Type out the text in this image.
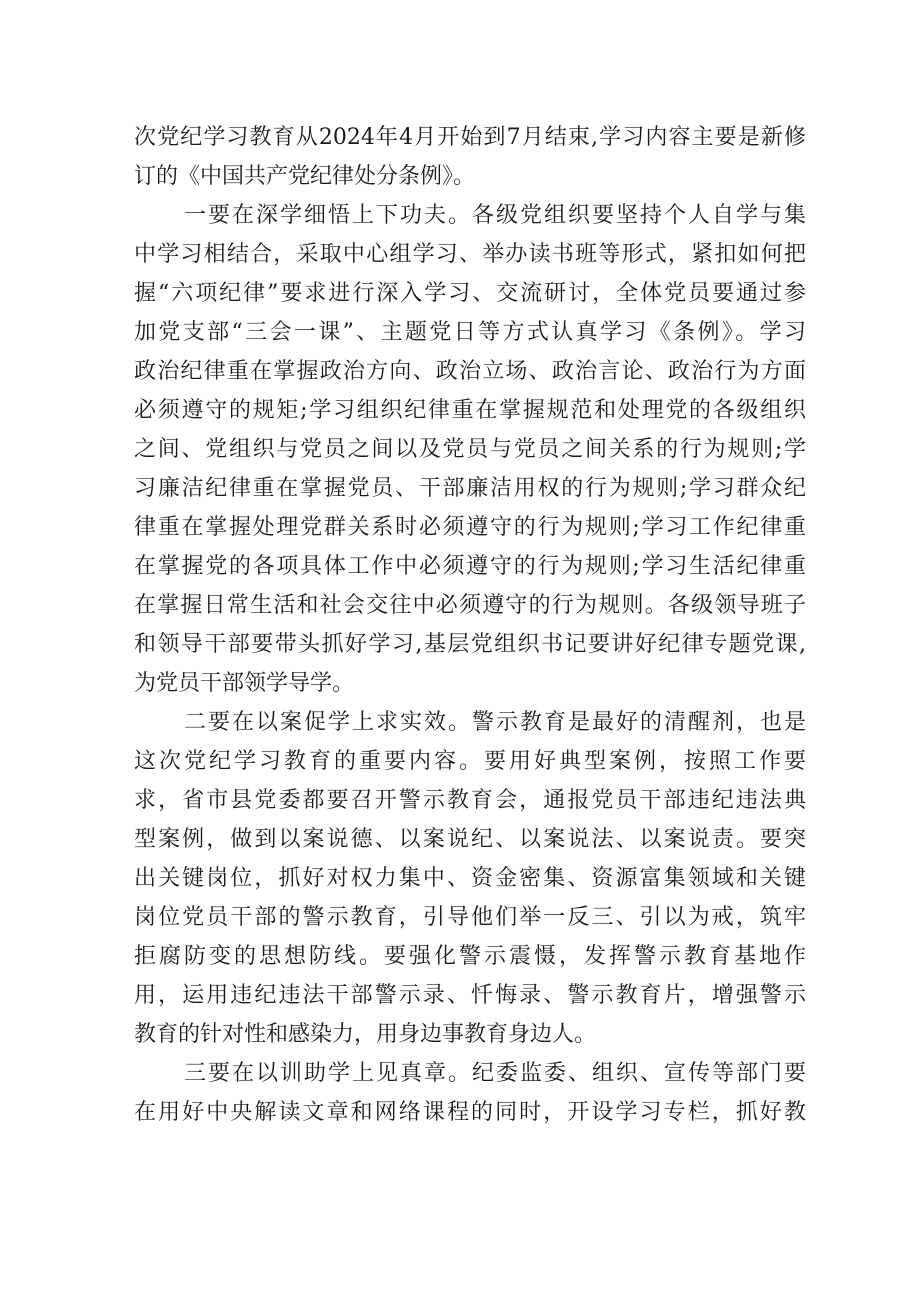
次党纪学习教育从2024年4月开始到7月结束,学习内容主要是新修
订的《中国共产党纪律处分条例》。

一要在深学细悟上下功夫。各级党组织要坚持个人自学与集
中学习相结合，采取中心组学习、举办读书班等形式，紧扣如何把
握“六项纪律”要求进行深入学习、交流研讨，全体党员要通过参
加党支部“三会一课”、主题党日等方式认真学习《条例》。学习
政治纪律重在掌握政治方向、政治立场、政治言论、政治行为方面
必须遵守的规矩;学习组织纪律重在掌握规范和处理党的各级组织
之间、党组织与党员之间以及党员与党员之间关系的行为规则;学
习廉洁纪律重在掌握党员、干部廉洁用权的行为规则;学习群众纪
律重在掌握处理党群关系时必须遵守的行为规则;学习工作纪律重
在掌握党的各项具体工作中必须遵守的行为规则;学习生活纪律重
在掌握日常生活和社会交往中必须遵守的行为规则。各级领导班子
和领导干部要带头抓好学习,基层党组织书记要讲好纪律专题党课,
为党员干部领学导学。

二要在以案促学上求实效。警示教育是最好的清醒剂，也是
这次党纪学习教育的重要内容。要用好典型案例，按照工作要
求，省市县党委都要召开警示教育会，通报党员干部违纪违法典
型案例，做到以案说德、以案说纪、以案说法、以案说责。要突
出关键岗位，抓好对权力集中、资金密集、资源富集领域和关键
岗位党员干部的警示教育，引导他们举一反三、引以为戒，筑牢
拒腐防变的思想防线。要强化警示震慑，发挥警示教育基地作
用，运用违纪违法干部警示录、忏悔录、警示教育片，增强警示
教育的针对性和感染力，用身边事教育身边人。

三要在以训助学上见真章。纪委监委、组织、宣传等部门要
在用好中央解读文章和网络课程的同时，开设学习专栏，抓好教
